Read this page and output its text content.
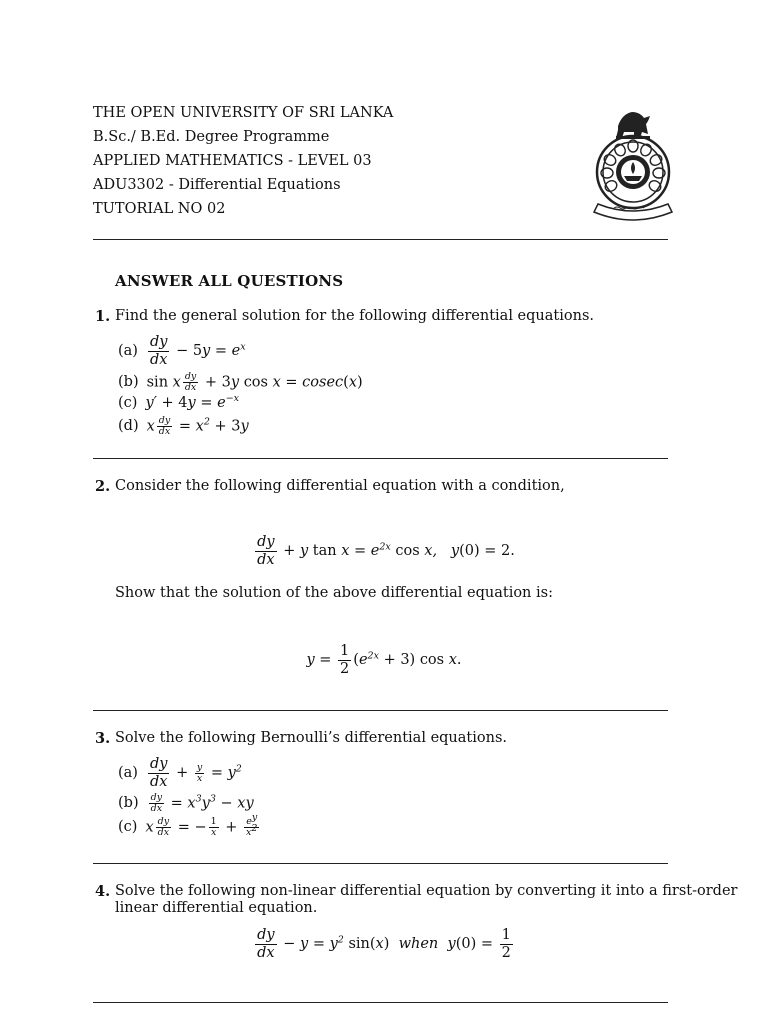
THE OPEN UNIVERSITY OF SRI LANKA
B.Sc./ B.Ed. Degree Programme
APPLIED MATHEMATICS - LEVEL 03
ADU3302 - Differential Equations
TUTORIAL NO 02
ANSWER ALL QUESTIONS
1. Find the general solution for the following differential equations.
$(a) \frac{dy}{dx} - 5y = e^x$
(b) sin x $\frac{dy}{dx} + 3y$ cos x = cosec(x)
(c) $y' + 4y = e^{-x}$
(d) x $\frac{dy}{dx} = x^2 + 3y$
2. Consider the following differential equation with a condition,
$\frac{dy}{dx} + y$ $\tan x = e^{2x}$ cos x,   y(0) = 2.
Show that the solution of the above differential equation is:
$y = \frac{1}{2} (e^{2x} + 3)$ cos x.
3. Solve the following Bernoulli’s differential equations.
$(a) \frac{dy}{dx} + \frac{y}{x} = y^2$
$(b) \frac{dy}{dx} = x^3y^3$ − xy
(c) x $\frac{dy}{dx}$ = − $\frac{1}{x} + \frac{e^y}{x^2}$
4. Solve the following non-linear differential equation by converting it into a first-order
linear differential equation.
$\frac{dy}{dx} - y = y^2$ sin(x)  when  $y(0) = \frac{1}{2}$
